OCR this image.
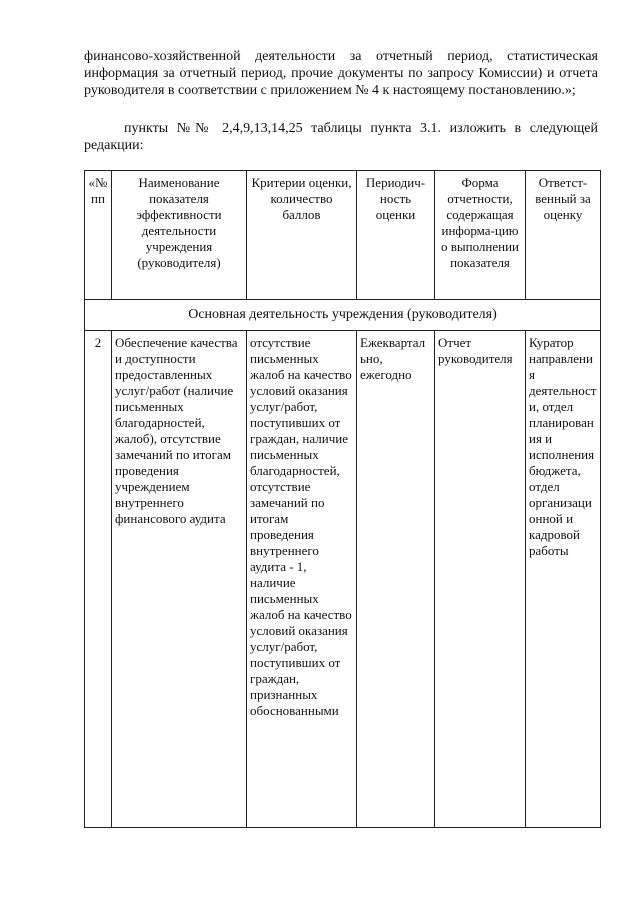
финансово-хозяйственной деятельности за отчетный период, статистическая информация за отчетный период, прочие документы по запросу Комиссии) и отчета руководителя в соответствии с приложением № 4 к настоящему постановлению.»;

пункты №№ 2,4,9,13,14,25 таблицы пункта 3.1. изложить в следующей редакции:

«№ пп	Наименование показателя эффективности деятельности учреждения (руководителя)	Критерии оценки, количество баллов	Периодич-ность оценки	Форма отчетности, содержащая информа-цию о выполнении показателя	Ответст-венный за оценку
Основная деятельность учреждения (руководителя)					
2	Обеспечение качества и доступности предоставленных услуг/работ (наличие письменных благодарностей, жалоб), отсутствие замечаний по итогам проведения учреждением внутреннего финансового аудита	отсутствие письменных жалоб на качество условий оказания услуг/работ, поступивших от граждан, наличие письменных благодарностей, отсутствие замечаний по итогам проведения внутреннего аудита - 1, наличие письменных жалоб на качество условий оказания услуг/работ, поступивших от граждан, признанных обоснованными	Ежеквартально, ежегодно	Отчет руководителя	Куратор направления деятельности, отдел планирования и исполнения бюджета, отдел организационной и кадровой работы
